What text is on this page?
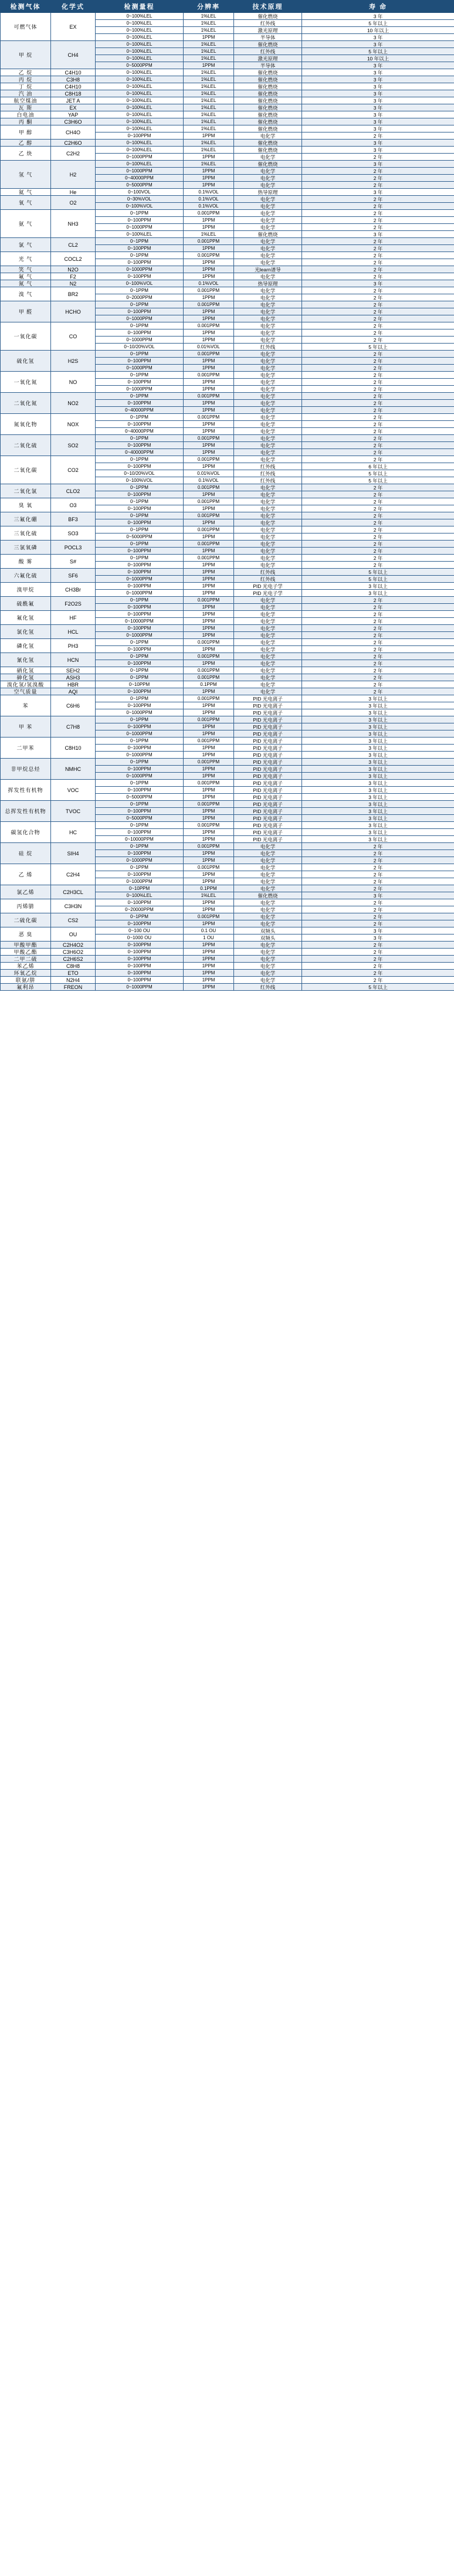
检测气体	化学式	检测量程	分辨率	技术原理	寿 命
可燃气体	EX	0~100%LEL	1%LEL	催化燃烧	3 年
		0~100%LEL	1%LEL	红外线	5 年以上
		0~100%LEL	1%LEL	激光原理	10 年以上
		0~100%LEL	1PPM	半导体	3 年
甲 烷	CH4	0~100%LEL	1%LEL	催化燃烧	3 年
		0~100%LEL	1%LEL	红外线	5 年以上
		0~100%LEL	1%LEL	激光原理	10 年以上
		0~5000PPM	1PPM	半导体	3 年
乙 烷	C4H10	0~100%LEL	1%LEL	催化燃烧	3 年
丙 烷	C3H8	0~100%LEL	1%LEL	催化燃烧	3 年
丁 烷	C4H10	0~100%LEL	1%LEL	催化燃烧	3 年
汽 油	C8H18	0~100%LEL	1%LEL	催化燃烧	3 年
航空煤油	JET A	0~100%LEL	1%LEL	催化燃烧	3 年
瓦 斯	EX	0~100%LEL	1%LEL	催化燃烧	3 年
白电油	YAP	0~100%LEL	1%LEL	催化燃烧	3 年
丙 酮	C3H6O	0~100%LEL	1%LEL	催化燃烧	3 年
甲 醇	CH4O	0~100%LEL	1%LEL	催化燃烧	3 年
		0~100PPM	1PPM	电化学	2 年
乙 醇	C2H6O	0~100%LEL	1%LEL	催化燃烧	3 年
乙 炔	C2H2	0~100%LEL	1%LEL	催化燃烧	3 年
		0~1000PPM	1PPM	电化学	2 年
氢 气	H2	0~100%LEL	1%LEL	催化燃烧	3 年
		0~1000PPM	1PPM	电化学	2 年
		0~40000PPM	1PPM	电化学	2 年
		0~5000PPM	1PPM	电化学	2 年
氦 气	He	0~100VOL	0.1%VOL	热导原理	3 年
氧 气	O2	0~30%VOL	0.1%VOL	电化学	2 年
		0~100%VOL	0.1%VOL	电化学	2 年
氨 气	NH3	0~1PPM	0.001PPM	电化学	2 年
		0~100PPM	1PPM	电化学	2 年
		0~1000PPM	1PPM	电化学	2 年
		0~100%LEL	1%LEL	催化燃烧	3 年
氯 气	CL2	0~1PPM	0.001PPM	电化学	2 年
		0~100PPM	1PPM	电化学	2 年
光 气	COCL2	0~1PPM	0.001PPM	电化学	2 年
		0~100PPM	1PPM	电化学	2 年
笑 气	N2O	0~1000PPM	1PPM	光learn谱导	2 年
氟 气	F2	0~100PPM	1PPM	电化学	2 年
氮 气	N2	0~100%VOL	0.1%VOL	热导原理	3 年
溴 气	BR2	0~1PPM	0.001PPM	电化学	2 年
		0~2000PPM	1PPM	电化学	2 年
甲 醛	HCHO	0~1PPM	0.001PPM	电化学	2 年
		0~100PPM	1PPM	电化学	2 年
		0~1000PPM	1PPM	电化学	2 年
一氧化碳	CO	0~1PPM	0.001PPM	电化学	2 年
		0~100PPM	1PPM	电化学	2 年
		0~1000PPM	1PPM	电化学	2 年
		0~10/20%VOL	0.01%VOL	红外线	5 年以上
硫化氢	H2S	0~1PPM	0.001PPM	电化学	2 年
		0~100PPM	1PPM	电化学	2 年
		0~1000PPM	1PPM	电化学	2 年
一氧化氮	NO	0~1PPM	0.001PPM	电化学	2 年
		0~100PPM	1PPM	电化学	2 年
		0~1000PPM	1PPM	电化学	2 年
二氧化氮	NO2	0~1PPM	0.001PPM	电化学	2 年
		0~100PPM	1PPM	电化学	2 年
		0~40000PPM	1PPM	电化学	2 年
氮氧化物	NOX	0~1PPM	0.001PPM	电化学	2 年
		0~100PPM	1PPM	电化学	2 年
		0~40000PPM	1PPM	电化学	2 年
二氧化硫	SO2	0~1PPM	0.001PPM	电化学	2 年
		0~100PPM	1PPM	电化学	2 年
		0~40000PPM	1PPM	电化学	2 年
二氧化碳	CO2	0~1PPM	0.001PPM	电化学	2 年
		0~100PPM	1PPM	红外线	6 年以上
		0~10/20%VOL	0.01%VOL	红外线	5 年以上
		0~100%VOL	0.1%VOL	红外线	5 年以上
二氧化氯	CLO2	0~1PPM	0.001PPM	电化学	2 年
		0~100PPM	1PPM	电化学	2 年
臭 氧	O3	0~1PPM	0.001PPM	电化学	2 年
		0~100PPM	1PPM	电化学	2 年
三氟化硼	BF3	0~1PPM	0.001PPM	电化学	2 年
		0~100PPM	1PPM	电化学	2 年
三氧化硫	SO3	0~1PPM	0.001PPM	电化学	2 年
		0~5000PPM	1PPM	电化学	2 年
三氯氧磷	POCL3	0~1PPM	0.001PPM	电化学	2 年
		0~100PPM	1PPM	电化学	2 年
酸 雾	S#	0~1PPM	0.001PPM	电化学	2 年
		0~100PPM	1PPM	电化学	2 年
六氟化硫	SF6	0~100PPM	1PPM	红外线	5 年以上
		0~1000PPM	1PPM	红外线	5 年以上
溴甲烷	CH3Br	0~100PPM	1PPM	PID 光电子学	3 年以上
		0~1000PPM	1PPM	PID 光电子学	3 年以上
硫酰氟	F2O2S	0~1PPM	0.001PPM	电化学	2 年
		0~100PPM	1PPM	电化学	2 年
氟化氢	HF	0~100PPM	1PPM	电化学	2 年
		0~10000PPM	1PPM	电化学	2 年
氯化氢	HCL	0~100PPM	1PPM	电化学	2 年
		0~1000PPM	1PPM	电化学	2 年
磷化氢	PH3	0~1PPM	0.001PPM	电化学	2 年
		0~100PPM	1PPM	电化学	2 年
氰化氢	HCN	0~1PPM	0.001PPM	电化学	2 年
		0~100PPM	1PPM	电化学	2 年
硒化氢	SEH2	0~1PPM	0.001PPM	电化学	2 年
砷化氢	ASH3	0~1PPM	0.001PPM	电化学	2 年
溴化氢/氢溴酸	HBR	0~10PPM	0.1PPM	电化学	2 年
空气质量	AQI	0~100PPM	1PPM	电化学	2 年
苯	C6H6	0~1PPM	0.001PPM	PID 光电离子	3 年以上
		0~100PPM	1PPM	PID 光电离子	3 年以上
		0~1000PPM	1PPM	PID 光电离子	3 年以上
甲 苯	C7H8	0~1PPM	0.001PPM	PID 光电离子	3 年以上
		0~100PPM	1PPM	PID 光电离子	3 年以上
		0~1000PPM	1PPM	PID 光电离子	3 年以上
二甲苯	C8H10	0~1PPM	0.001PPM	PID 光电离子	3 年以上
		0~100PPM	1PPM	PID 光电离子	3 年以上
		0~1000PPM	1PPM	PID 光电离子	3 年以上
非甲烷总烃	NMHC	0~1PPM	0.001PPM	PID 光电离子	3 年以上
		0~100PPM	1PPM	PID 光电离子	3 年以上
		0~1000PPM	1PPM	PID 光电离子	3 年以上
挥发性有机物	VOC	0~1PPM	0.001PPM	PID 光电离子	3 年以上
		0~100PPM	1PPM	PID 光电离子	3 年以上
		0~5000PPM	1PPM	PID 光电离子	3 年以上
总挥发性有机物	TVOC	0~1PPM	0.001PPM	PID 光电离子	3 年以上
		0~100PPM	1PPM	PID 光电离子	3 年以上
		0~5000PPM	1PPM	PID 光电离子	3 年以上
碳氢化合物	HC	0~1PPM	0.001PPM	PID 光电离子	3 年以上
		0~100PPM	1PPM	PID 光电离子	3 年以上
		0~10000PPM	1PPM	PID 光电离子	3 年以上
硅 烷	SIH4	0~1PPM	0.001PPM	电化学	2 年
		0~100PPM	1PPM	电化学	2 年
		0~1000PPM	1PPM	电化学	2 年
乙 烯	C2H4	0~1PPM	0.001PPM	电化学	2 年
		0~100PPM	1PPM	电化学	2 年
		0~1000PPM	1PPM	电化学	2 年
氯乙烯	C2H3CL	0~10PPM	0.1PPM	电化学	2 年
		0~100%LEL	1%LEL	催化燃烧	3 年
丙烯腈	C3H3N	0~100PPM	1PPM	电化学	2 年
		0~20000PPM	1PPM	电化学	2 年
二硫化碳	CS2	0~1PPM	0.001PPM	电化学	2 年
		0~100PPM	1PPM	电化学	2 年
恶 臭	OU	0~100 OU	0.1 OU	双频头	3 年
		0~1000 OU	1 OU	双频头	3 年
甲酸甲酯	C2H4O2	0~100PPM	1PPM	电化学	2 年
甲酸乙酯	C3H6O2	0~100PPM	1PPM	电化学	2 年
二甲二硫	C2H6S2	0~100PPM	1PPM	电化学	2 年
苯乙烯	C8H8	0~100PPM	1PPM	电化学	2 年
环氧乙烷	ETO	0~100PPM	1PPM	电化学	2 年
联氨/肼	N2H4	0~100PPM	1PPM	电化学	2 年
氟利昂	FREON	0~1000PPM	1PPM	红外线	5 年以上
